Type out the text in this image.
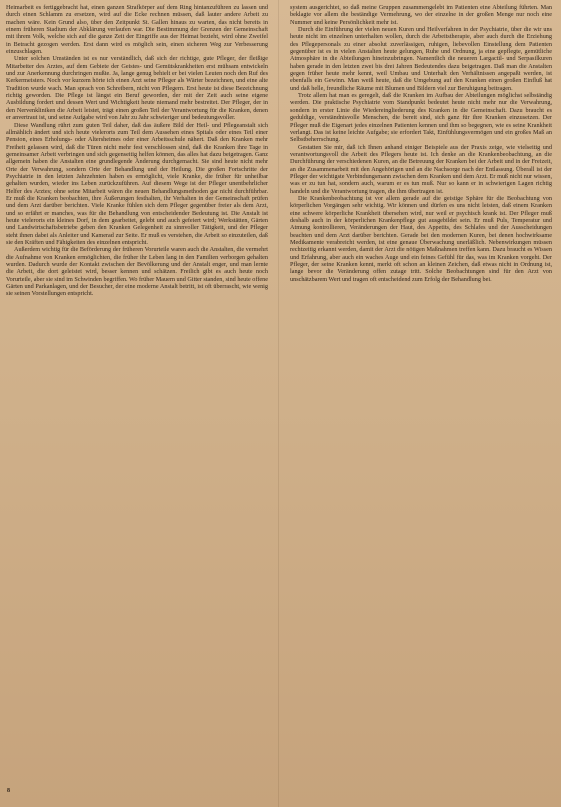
Heimarbeit es fertiggebracht hat, einen ganzen Strafkörper auf dem Ring hintanzuführen zu lassen und durch einen Schlamm zu ersetzen, wird auf die Ecke rechnen müssen, daß lauter andere Arbeit zu machen wäre. Kein Grund also, über den Zeitpunkt St. Gallen hinaus zu warten, das nicht bereits in einem früheren Stadium der Abklärung verlaufen war. Die Bestimmung der Grenzen der Gemeinschaft mit ihrem Volk, welche sich auf die ganze Zeit der Eingriffe aus der Heimat bezieht, wird ohne Zweifel in Betracht gezogen werden. Erst dann wird es möglich sein, einen sicheren Weg zur Verbesserung einzuschlagen.

Unter solchen Umständen ist es nur verständlich, daß sich der richtige, gute Pfleger, der fleißige Mitarbeiter des Arztes, auf dem Gebiete der Geistes- und Gemütskrankheiten erst mühsam entwickeln und zur Anerkennung durchringen mußte. Ja, lange genug behielt er bei vielen Leuten noch den Ruf des Kerkermeisters. Noch vor kurzem hörte ich einen Arzt seine Pfleger als Wärter bezeichnen, und eine alte Tradition wurde wach. Man sprach von Schreibern, nicht von Pflegern. Erst heute ist diese Bezeichnung richtig geworden. Die Pflege ist längst ein Beruf geworden, der mit der Zeit auch seine eigene Ausbildung fordert und dessen Wert und Wichtigkeit heute niemand mehr bestreitet. Der Pfleger, der in den Nervenkliniken die Arbeit leistet, trägt einen großen Teil der Verantwortung für die Kranken, denen er anvertraut ist, und seine Aufgabe wird von Jahr zu Jahr schwieriger und bedeutungsvoller.

Diese Wandlung rührt zum guten Teil daher, daß das äußere Bild der Heil- und Pflegeanstalt sich allmählich ändert und sich heute vielerorts zum Teil dem Aussehen eines Spitals oder eines Teil einer Pension, eines Erholungs- oder Altersheimes oder einer Arbeitsschule nähert. Daß den Kranken mehr Freiheit gelassen wird, daß die Türen nicht mehr fest verschlossen sind, daß die Kranken ihre Tage in gemeinsamer Arbeit verbringen und sich gegenseitig helfen können, das alles hat dazu beigetragen. Ganz allgemein haben die Anstalten eine grundlegende Änderung durchgemacht. Sie sind heute nicht mehr Orte der Verwahrung, sondern Orte der Behandlung und der Heilung. Die großen Fortschritte der Psychiatrie in den letzten Jahrzehnten haben es ermöglicht, viele Kranke, die früher für unheilbar gehalten wurden, wieder ins Leben zurückzuführen. Auf diesem Wege ist der Pfleger unentbehrlicher Helfer des Arztes; ohne seine Mitarbeit wären die neuen Behandlungsmethoden gar nicht durchführbar. Er muß die Kranken beobachten, ihre Äußerungen festhalten, ihr Verhalten in der Gemeinschaft prüfen und dem Arzt darüber berichten. Viele Kranke fühlen sich dem Pfleger gegenüber freier als dem Arzt, und so erfährt er manches, was für die Behandlung von entscheidender Bedeutung ist. Die Anstalt ist heute vielerorts ein kleines Dorf, in dem gearbeitet, gelebt und auch gefeiert wird; Werkstätten, Gärten und Landwirtschaftsbetriebe geben den Kranken Gelegenheit zu sinnvoller Tätigkeit, und der Pfleger steht ihnen dabei als Anleiter und Kamerad zur Seite. Er muß es verstehen, die Arbeit so einzuteilen, daß sie den Kräften und Fähigkeiten des einzelnen entspricht.

Außerdem wichtig für die Beförderung der früheren Vorurteile waren auch die Anstalten, die vermehrt die Aufnahme von Kranken ermöglichten, die früher ihr Leben lang in den Familien verborgen gehalten wurden. Dadurch wurde der Kontakt zwischen der Bevölkerung und der Anstalt enger, und man lernte die Arbeit, die dort geleistet wird, besser kennen und schätzen. Freilich gibt es auch heute noch Vorurteile, aber sie sind im Schwinden begriffen. Wo früher Mauern und Gitter standen, sind heute offene Gärten und Parkanlagen, und der Besucher, der eine moderne Anstalt betritt, ist oft überrascht, wie wenig sie seinen Vorstellungen entspricht.

system ausgerichtet, so daß meine Gruppen zusammengelebt im Patienten eine Abteilung führten. Man beklagte vor allem die beständige Vermehrung, wo der einzelne in der großen Menge nur noch eine Nummer und keine Persönlichkeit mehr ist.

Durch die Einführung der vielen neuen Kuren und Heilverfahren in der Psychiatrie, über die wir uns heute nicht im einzelnen unterhalten wollen, durch die Arbeitstherapie, aber auch durch die Erziehung des Pflegepersonals zu einer absolut zuverlässigen, ruhigen, liebevollen Einstellung dem Patienten gegenüber ist es in vielen Anstalten heute gelungen, Ruhe und Ordnung, ja eine gepflegte, gemütliche Atmosphäre in die Abteilungen hineinzubringen. Namentlich die neueren Largactil- und Serpasilkuren haben gerade in den letzten zwei bis drei Jahren Bedeutendes dazu beigetragen. Daß man die Anstalten gegen früher heute mehr kennt, weil Umbau und Unterhalt den Verhältnissen angepaßt werden, ist ebenfalls ein Gewinn. Man weiß heute, daß die Umgebung auf den Kranken einen großen Einfluß hat und daß helle, freundliche Räume mit Blumen und Bildern viel zur Beruhigung beitragen.

Trotz allem hat man es geregelt, daß die Kranken im Aufbau der Abteilungen möglichst selbständig werden. Die praktische Psychiatrie vom Standpunkt bedeutet heute nicht mehr nur die Verwahrung, sondern in erster Linie die Wiedereingliederung des Kranken in die Gemeinschaft. Dazu braucht es geduldige, verständnisvolle Menschen, die bereit sind, sich ganz für ihre Kranken einzusetzen. Der Pfleger muß die Eigenart jedes einzelnen Patienten kennen und ihm so begegnen, wie es seine Krankheit verlangt. Das ist keine leichte Aufgabe; sie erfordert Takt, Einfühlungsvermögen und ein großes Maß an Selbstbeherrschung.

Gestatten Sie mir, daß ich Ihnen anhand einiger Beispiele aus der Praxis zeige, wie vielseitig und verantwortungsvoll die Arbeit des Pflegers heute ist. Ich denke an die Krankenbeobachtung, an die Durchführung der verschiedenen Kuren, an die Betreuung der Kranken bei der Arbeit und in der Freizeit, an die Zusammenarbeit mit den Angehörigen und an die Nachsorge nach der Entlassung. Überall ist der Pfleger der wichtigste Verbindungsmann zwischen dem Kranken und dem Arzt. Er muß nicht nur wissen, was er zu tun hat, sondern auch, warum er es tun muß. Nur so kann er in schwierigen Lagen richtig handeln und die Verantwortung tragen, die ihm übertragen ist.

Die Krankenbeobachtung ist vor allem gerade auf die geistige Sphäre für die Beobachtung von körperlichen Vorgängen sehr wichtig. Wir können und dürfen es uns nicht leisten, daß einem Kranken eine schwere körperliche Krankheit übersehen wird, nur weil er psychisch krank ist. Der Pfleger muß deshalb auch in der körperlichen Krankenpflege gut ausgebildet sein. Er muß Puls, Temperatur und Atmung kontrollieren, Veränderungen der Haut, des Appetits, des Schlafes und der Ausscheidungen beachten und dem Arzt darüber berichten. Gerade bei den modernen Kuren, bei denen hochwirksame Medikamente verabreicht werden, ist eine genaue Überwachung unerläßlich. Nebenwirkungen müssen rechtzeitig erkannt werden, damit der Arzt die nötigen Maßnahmen treffen kann. Dazu braucht es Wissen und Erfahrung, aber auch ein waches Auge und ein feines Gefühl für das, was im Kranken vorgeht. Der Pfleger, der seine Kranken kennt, merkt oft schon an kleinen Zeichen, daß etwas nicht in Ordnung ist, lange bevor die Veränderung offen zutage tritt. Solche Beobachtungen sind für den Arzt von unschätzbarem Wert und tragen oft entscheidend zum Erfolg der Behandlung bei.

8
